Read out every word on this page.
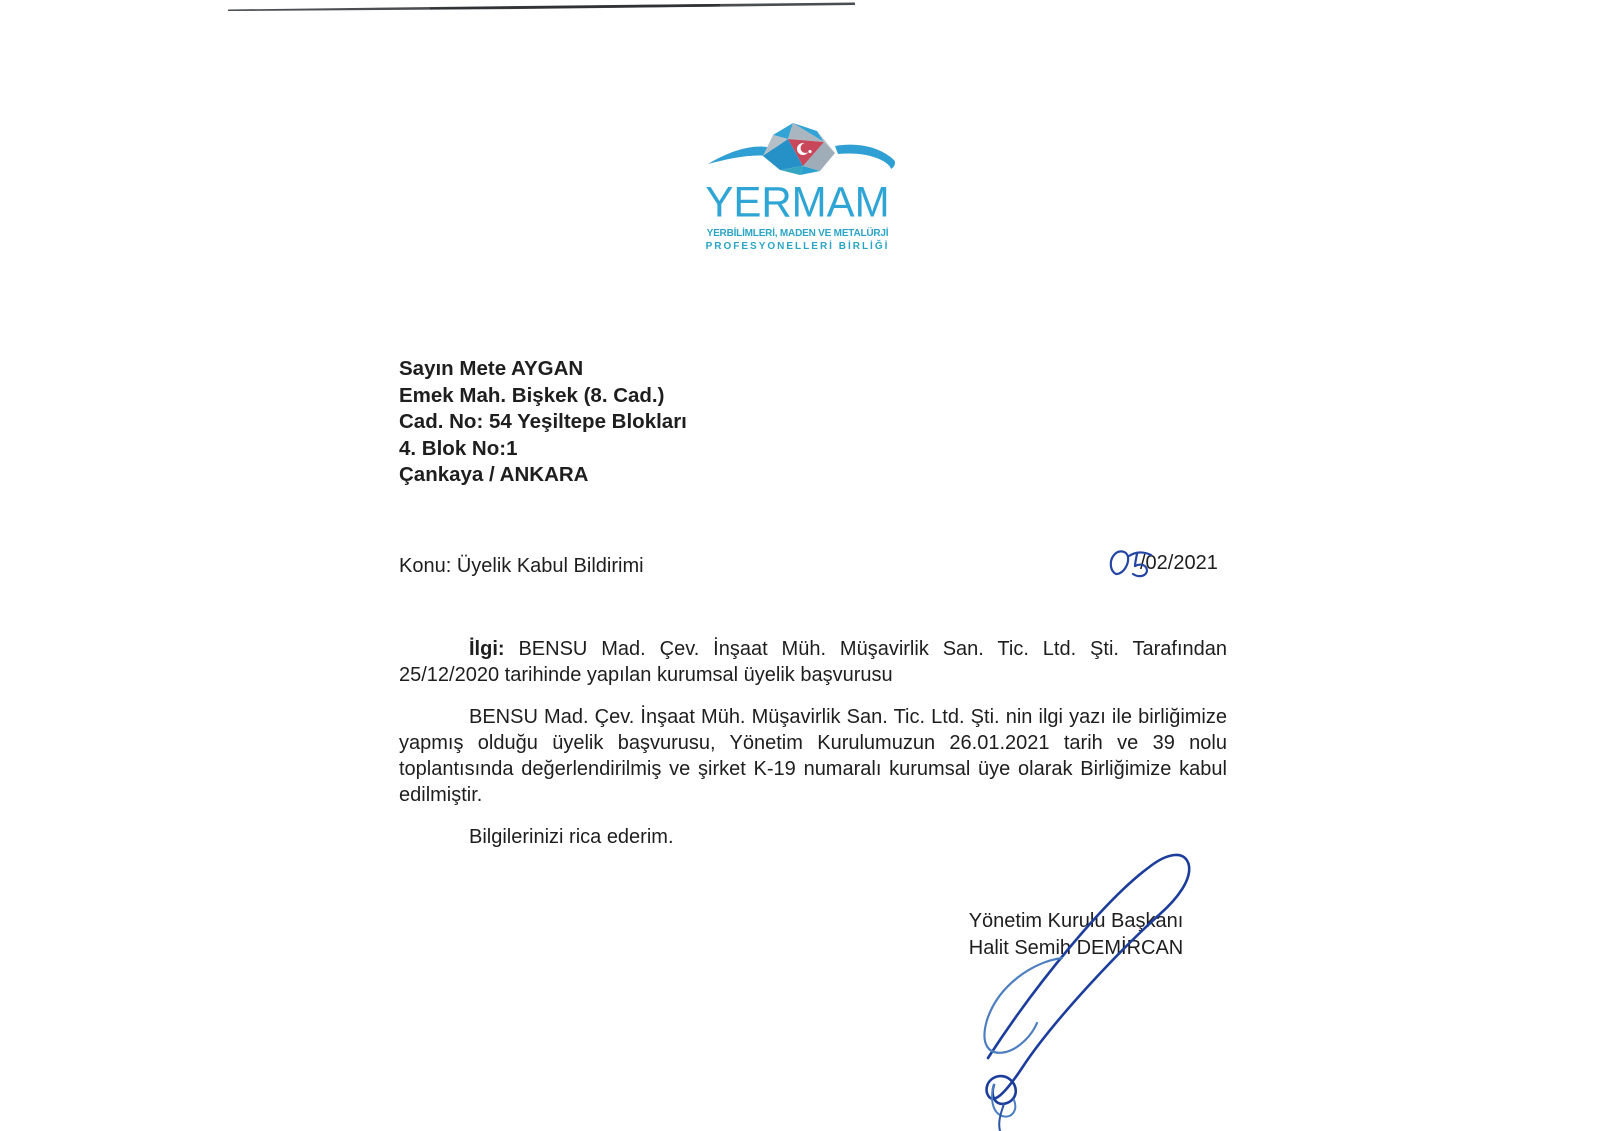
YERMAM
YERBİLİMLERİ, MADEN VE METALÜRJİ
PROFESYONELLERİ BİRLİĞİ
Sayın Mete AYGAN
Emek Mah. Bişkek (8. Cad.)
Cad. No: 54 Yeşiltepe Blokları
4. Blok No:1
Çankaya / ANKARA
Konu: Üyelik Kabul Bildirimi	/02/2021
İlgi: BENSU Mad. Çev. İnşaat Müh. Müşavirlik San. Tic. Ltd. Şti. Tarafından
25/12/2020 tarihinde yapılan kurumsal üyelik başvurusu
BENSU Mad. Çev. İnşaat Müh. Müşavirlik San. Tic. Ltd. Şti. nin ilgi yazı ile birliğimize
yapmış olduğu üyelik başvurusu, Yönetim Kurulumuzun 26.01.2021 tarih ve 39 nolu
toplantısında değerlendirilmiş ve şirket K-19 numaralı kurumsal üye olarak Birliğimize kabul
edilmiştir.
Bilgilerinizi rica ederim.
Yönetim Kurulu Başkanı
Halit Semih DEMİRCAN
